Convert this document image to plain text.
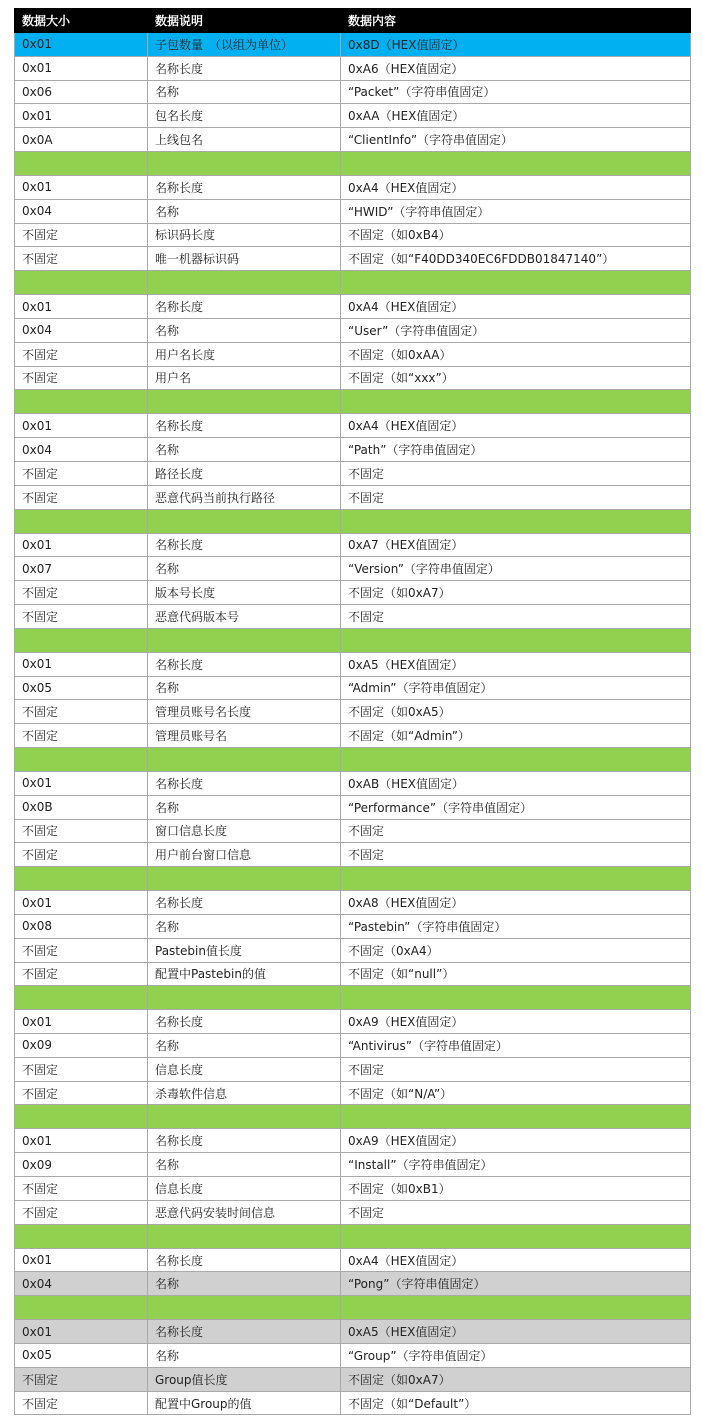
数据大小	数据说明	数据内容
0x01	子包数量　（以组为单位）	0x8D（HEX值固定）
0x01	名称长度	0xA6（HEX值固定）
0x06	名称	“Packet”（字符串值固定）
0x01	包名长度	0xAA（HEX值固定）
0x0A	上线包名	“ClientInfo”（字符串值固定）

0x01	名称长度	0xA4（HEX值固定）
0x04	名称	“HWID”（字符串值固定）
不固定	标识码长度	不固定（如0xB4）
不固定	唯一机器标识码	不固定（如“F40DD340EC6FDDB01847140”）

0x01	名称长度	0xA4（HEX值固定）
0x04	名称	“User”（字符串值固定）
不固定	用户名长度	不固定（如0xAA）
不固定	用户名	不固定（如“xxx”）

0x01	名称长度	0xA4（HEX值固定）
0x04	名称	“Path”（字符串值固定）
不固定	路径长度	不固定
不固定	恶意代码当前执行路径	不固定

0x01	名称长度	0xA7（HEX值固定）
0x07	名称	“Version”（字符串值固定）
不固定	版本号长度	不固定（如0xA7）
不固定	恶意代码版本号	不固定

0x01	名称长度	0xA5（HEX值固定）
0x05	名称	“Admin”（字符串值固定）
不固定	管理员账号名长度	不固定（如0xA5）
不固定	管理员账号名	不固定（如“Admin”）

0x01	名称长度	0xAB（HEX值固定）
0x0B	名称	“Performance”（字符串值固定）
不固定	窗口信息长度	不固定
不固定	用户前台窗口信息	不固定

0x01	名称长度	0xA8（HEX值固定）
0x08	名称	“Pastebin”（字符串值固定）
不固定	Pastebin值长度	不固定（0xA4）
不固定	配置中Pastebin的值	不固定（如“null”）

0x01	名称长度	0xA9（HEX值固定）
0x09	名称	“Antivirus”（字符串值固定）
不固定	信息长度	不固定
不固定	杀毒软件信息	不固定（如“N/A”）

0x01	名称长度	0xA9（HEX值固定）
0x09	名称	“Install”（字符串值固定）
不固定	信息长度	不固定（如0xB1）
不固定	恶意代码安装时间信息	不固定

0x01	名称长度	0xA4（HEX值固定）
0x04	名称	“Pong”（字符串值固定）

0x01	名称长度	0xA5（HEX值固定）
0x05	名称	“Group”（字符串值固定）
不固定	Group值长度	不固定（如0xA7）
不固定	配置中Group的值	不固定（如“Default”）
